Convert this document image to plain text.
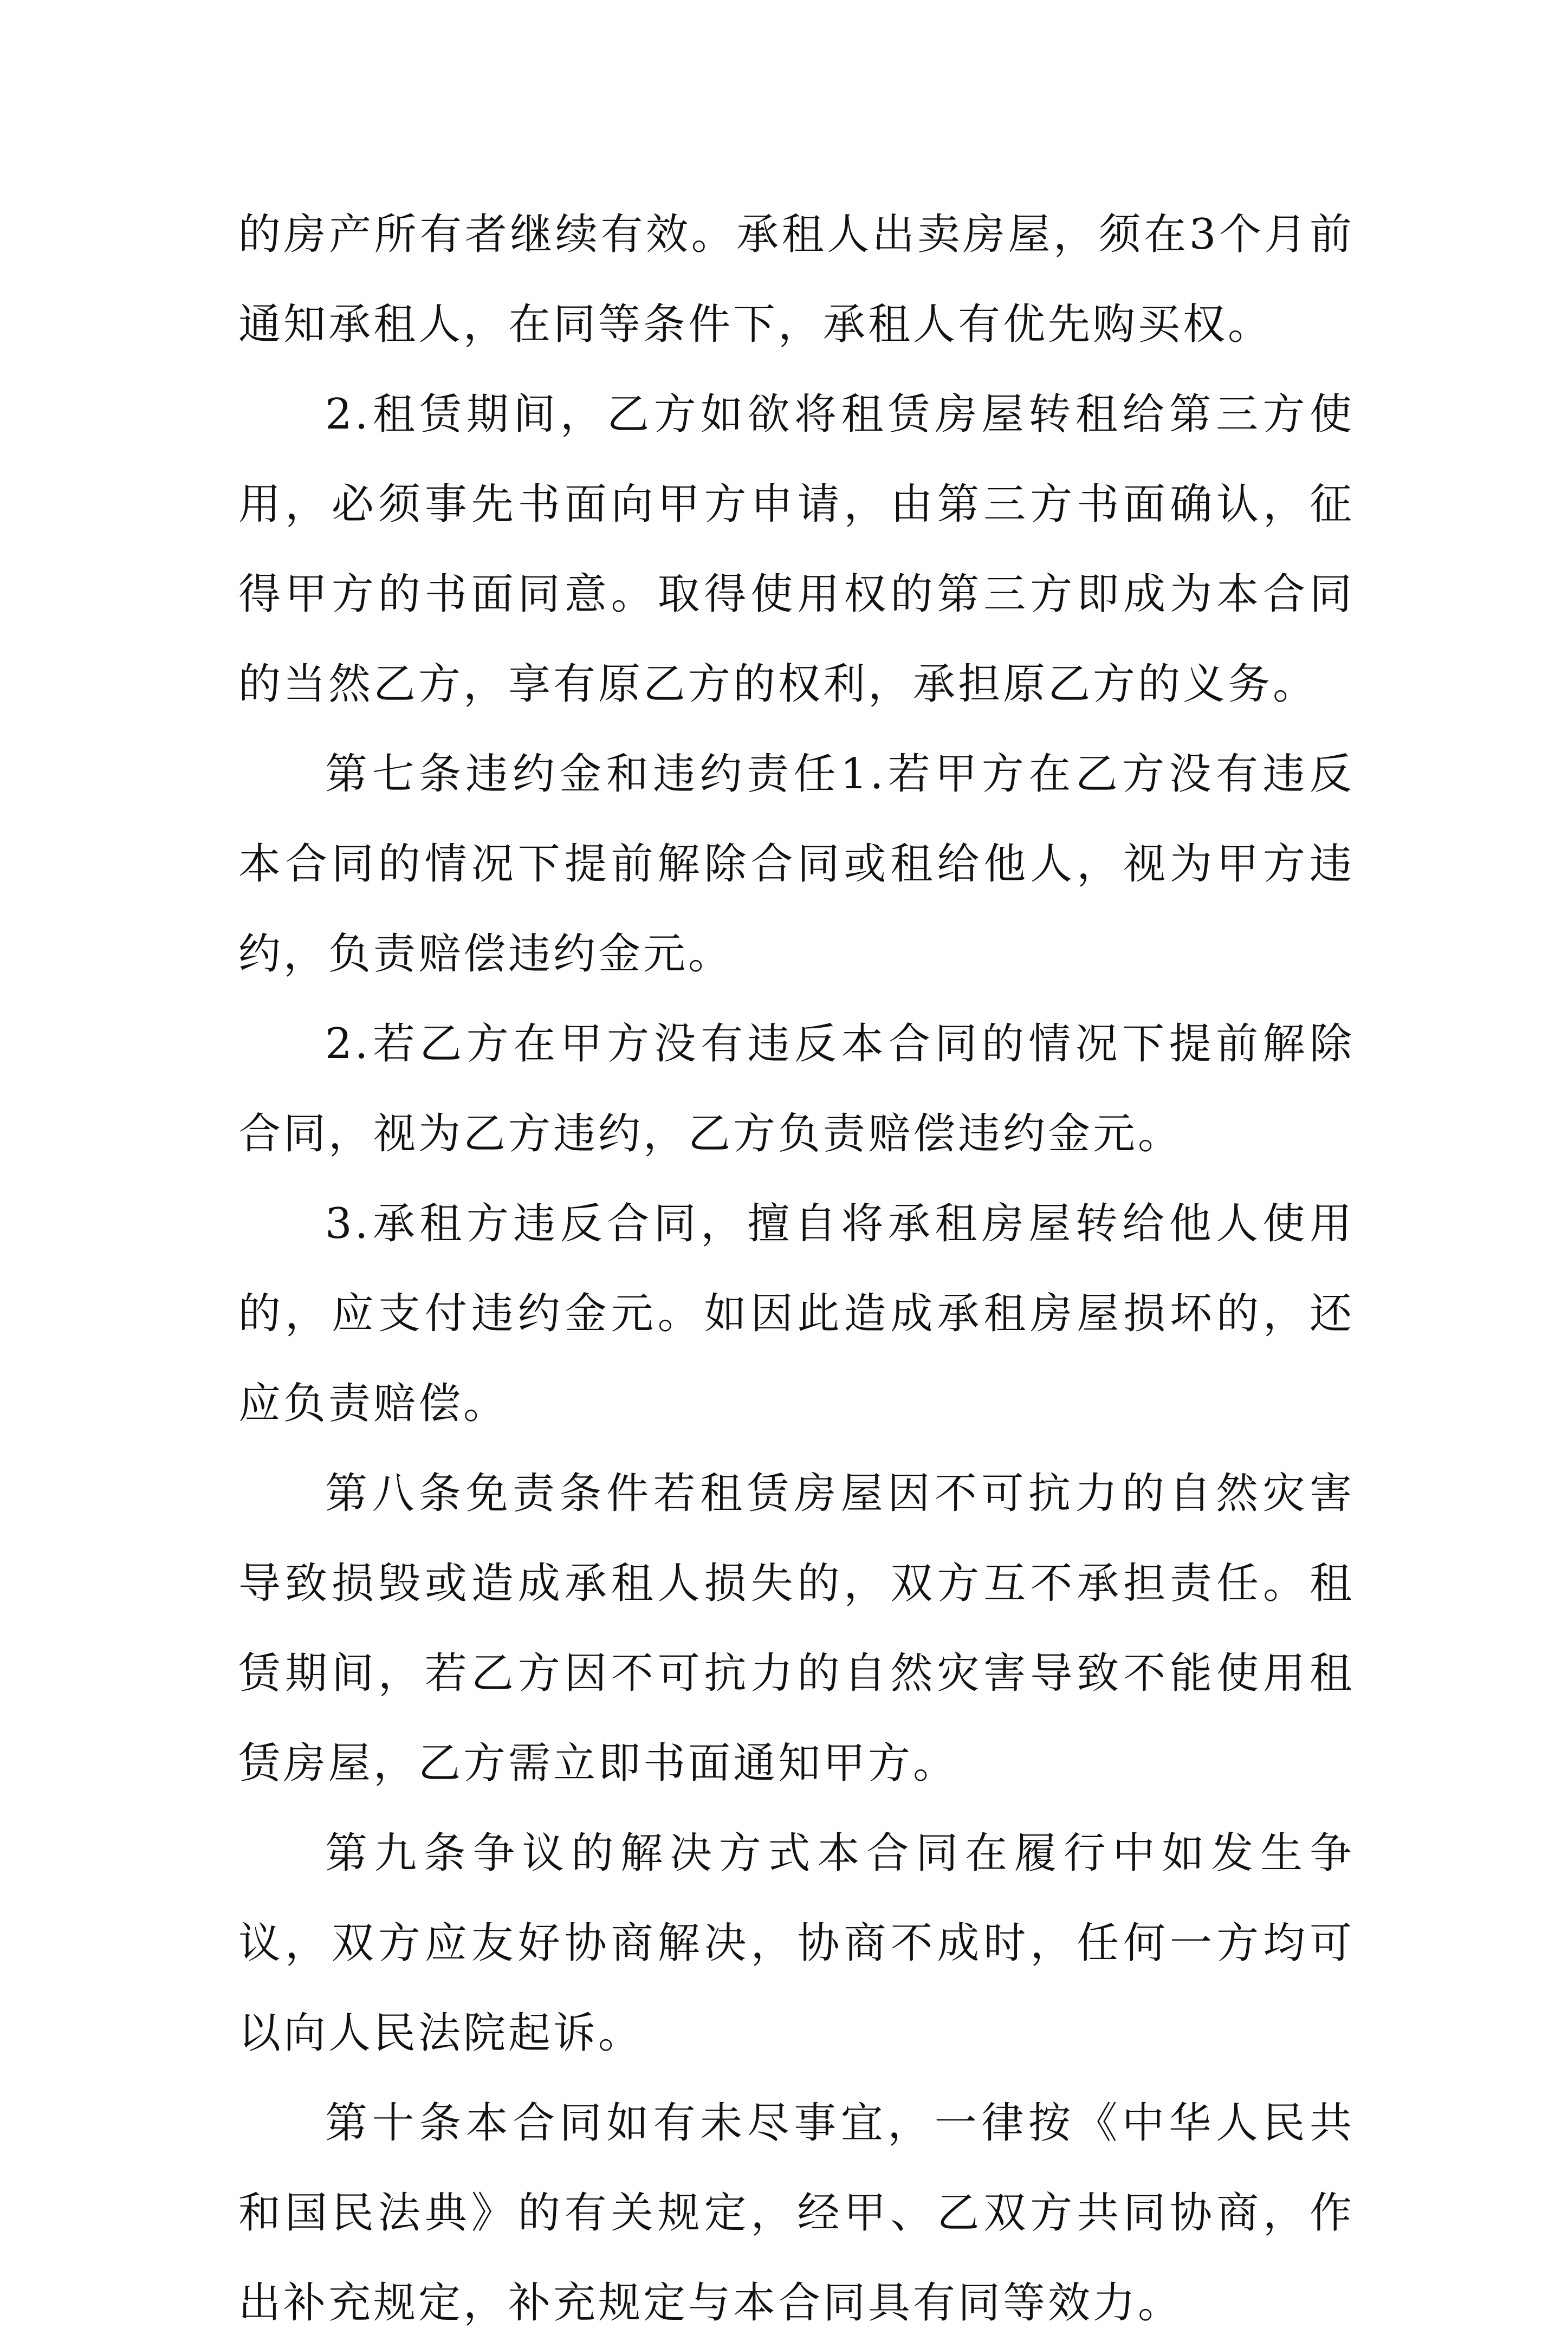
的房产所有者继续有效。承租人出卖房屋，须在3个月前通知承租人，在同等条件下，承租人有优先购买权。

2.租赁期间，乙方如欲将租赁房屋转租给第三方使用，必须事先书面向甲方申请，由第三方书面确认，征得甲方的书面同意。取得使用权的第三方即成为本合同的当然乙方，享有原乙方的权利，承担原乙方的义务。

第七条违约金和违约责任1.若甲方在乙方没有违反本合同的情况下提前解除合同或租给他人，视为甲方违约，负责赔偿违约金元。

2.若乙方在甲方没有违反本合同的情况下提前解除合同，视为乙方违约，乙方负责赔偿违约金元。

3.承租方违反合同，擅自将承租房屋转给他人使用的，应支付违约金元。如因此造成承租房屋损坏的，还应负责赔偿。

第八条免责条件若租赁房屋因不可抗力的自然灾害导致损毁或造成承租人损失的，双方互不承担责任。租赁期间，若乙方因不可抗力的自然灾害导致不能使用租赁房屋，乙方需立即书面通知甲方。

第九条争议的解决方式本合同在履行中如发生争议，双方应友好协商解决，协商不成时，任何一方均可以向人民法院起诉。

第十条本合同如有未尽事宜，一律按《中华人民共和国民法典》的有关规定，经甲、乙双方共同协商，作出补充规定，补充规定与本合同具有同等效力。
